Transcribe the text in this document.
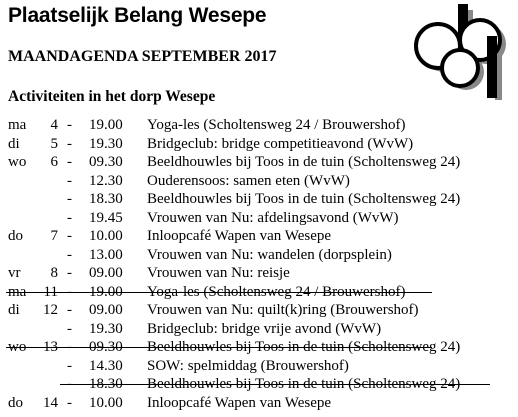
Plaatselijk Belang Wesepe
MAANDAGENDA SEPTEMBER 2017
Activiteiten in het dorp Wesepe
ma	4 - 19.00 Yoga-les (Scholtensweg 24 / Brouwershof)
di	5 - 19.30 Bridgeclub: bridge competitieavond (WvW)
wo	6 - 09.30 Beeldhouwles bij Toos in de tuin (Scholtensweg 24)
- 12.30 Ouderensoos: samen eten (WvW)
- 18.30 Beeldhouwles bij Toos in de tuin (Scholtensweg 24)
- 19.45 Vrouwen van Nu: afdelingsavond (WvW)
do	7 - 10.00 Inloopcafé Wapen van Wesepe
- 13.00 Vrouwen van Nu: wandelen (dorpsplein)
vr	8 - 09.00 Vrouwen van Nu: reisje
ma	11 - 19.00 Yoga-les (Scholtensweg 24 / Brouwershof)
di	12 - 09.00 Vrouwen van Nu: quilt(k)ring (Brouwershof)
- 19.30 Bridgeclub: bridge vrije avond (WvW)
wo	13 - 09.30 Beeldhouwles bij Toos in de tuin (Scholtensweg 24)
- 14.30 SOW: spelmiddag (Brouwershof)
- 18.30 Beeldhouwles bij Toos in de tuin (Scholtensweg 24)
do	14 - 10.00 Inloopcafé Wapen van Wesepe
